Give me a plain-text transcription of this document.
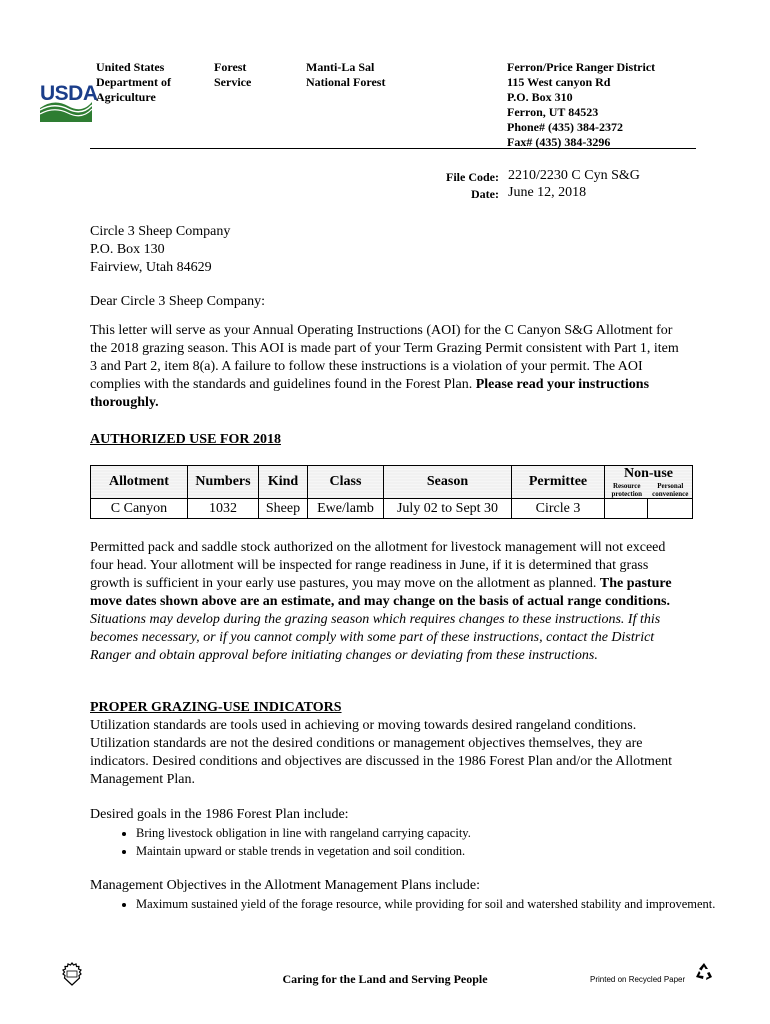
USDA
United States
Department of
Agriculture
Forest
Service
Manti-La Sal
National Forest
Ferron/Price Ranger District
115 West canyon Rd
P.O. Box 310
Ferron, UT 84523
Phone# (435) 384-2372
Fax# (435) 384-3296
File Code: 2210/2230 C Cyn S&G
Date: June 12, 2018
Circle 3 Sheep Company
P.O. Box 130
Fairview, Utah 84629
Dear Circle 3 Sheep Company:

This letter will serve as your Annual Operating Instructions (AOI) for the C Canyon S&G Allotment for the 2018 grazing season. This AOI is made part of your Term Grazing Permit consistent with Part 1, item 3 and Part 2, item 8(a). A failure to follow these instructions is a violation of your permit. The AOI complies with the standards and guidelines found in the Forest Plan. Please read your instructions thoroughly.

AUTHORIZED USE FOR 2018
Allotment	Numbers	Kind	Class	Season	Permittee	Non-use
Resource protection
Personal convenience	

C Canyon	1032	Sheep	Ewe/lamb	July 02 to Sept 30	Circle 3		

Permitted pack and saddle stock authorized on the allotment for livestock management will not exceed four head. Your allotment will be inspected for range readiness in June, if it is determined that grass growth is sufficient in your early use pastures, you may move on the allotment as planned. The pasture move dates shown above are an estimate, and may change on the basis of actual range conditions. Situations may develop during the grazing season which requires changes to these instructions. If this becomes necessary, or if you cannot comply with some part of these instructions, contact the District Ranger and obtain approval before initiating changes or deviating from these instructions.

PROPER GRAZING-USE INDICATORS

Utilization standards are tools used in achieving or moving towards desired rangeland conditions. Utilization standards are not the desired conditions or management objectives themselves, they are indicators. Desired conditions and objectives are discussed in the 1986 Forest Plan and/or the Allotment Management Plan.

Desired goals in the 1986 Forest Plan include:
• Bring livestock obligation in line with rangeland carrying capacity.
• Maintain upward or stable trends in vegetation and soil condition.
Management Objectives in the Allotment Management Plans include:
• Maximum sustained yield of the forage resource, while providing for soil and watershed stability and improvement.
Caring for the Land and Serving People	Printed on Recycled Paper
